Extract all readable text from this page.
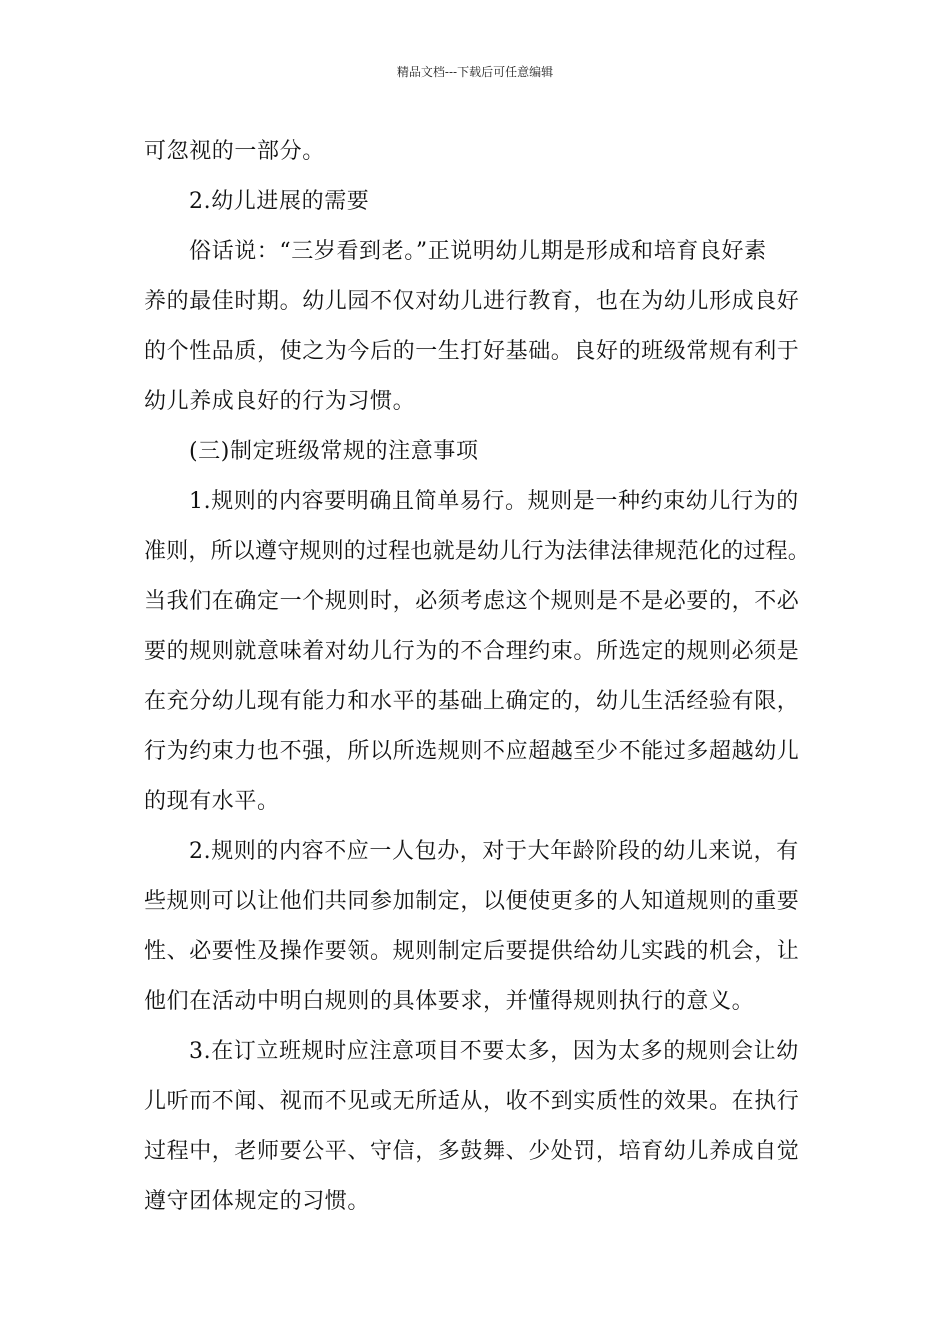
精品文档---下载后可任意编辑
可忽视的一部分。
2.幼儿进展的需要
俗话说：“三岁看到老。”正说明幼儿期是形成和培育良好素
养的最佳时期。幼儿园不仅对幼儿进行教育，也在为幼儿形成良好
的个性品质，使之为今后的一生打好基础。良好的班级常规有利于
幼儿养成良好的行为习惯。
(三)制定班级常规的注意事项
1.规则的内容要明确且简单易行。规则是一种约束幼儿行为的
准则，所以遵守规则的过程也就是幼儿行为法律法律规范化的过程。
当我们在确定一个规则时，必须考虑这个规则是不是必要的，不必
要的规则就意味着对幼儿行为的不合理约束。所选定的规则必须是
在充分幼儿现有能力和水平的基础上确定的，幼儿生活经验有限，
行为约束力也不强，所以所选规则不应超越至少不能过多超越幼儿
的现有水平。
2.规则的内容不应一人包办，对于大年龄阶段的幼儿来说，有
些规则可以让他们共同参加制定，以便使更多的人知道规则的重要
性、必要性及操作要领。规则制定后要提供给幼儿实践的机会，让
他们在活动中明白规则的具体要求，并懂得规则执行的意义。
3.在订立班规时应注意项目不要太多，因为太多的规则会让幼
儿听而不闻、视而不见或无所适从，收不到实质性的效果。在执行
过程中，老师要公平、守信，多鼓舞、少处罚，培育幼儿养成自觉
遵守团体规定的习惯。
